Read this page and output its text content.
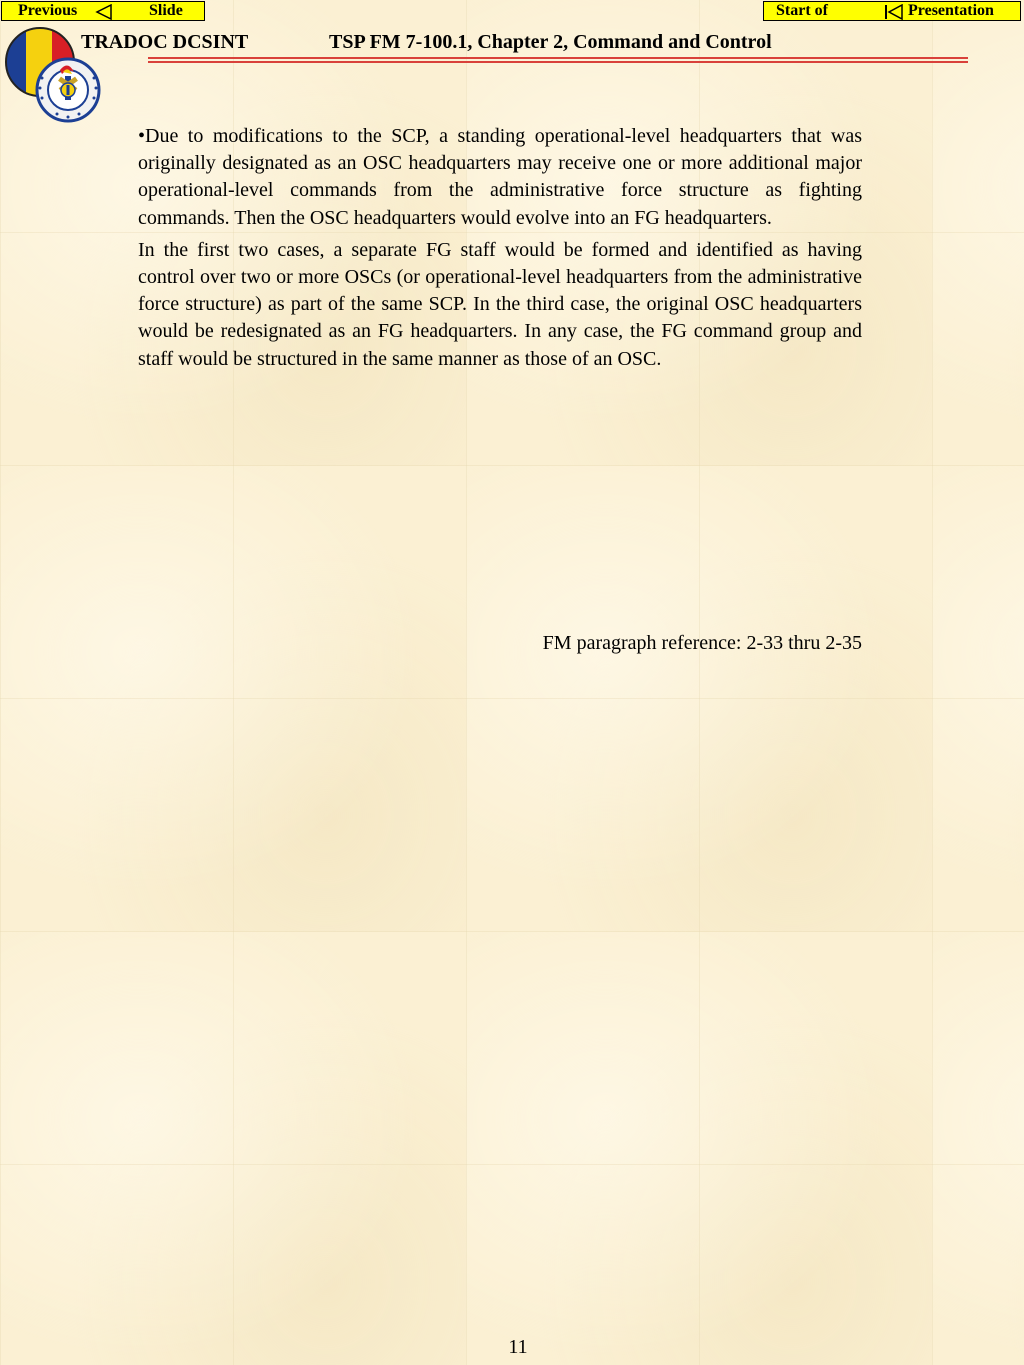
Previous	Slide	Start of	Presentation
TRADOC DCSINT	TSP FM 7-100.1, Chapter 2, Command and Control

•Due to modifications to the SCP, a standing operational-level headquarters that was originally designated as an OSC headquarters may receive one or more additional major operational-level commands from the administrative force structure as fighting commands. Then the OSC headquarters would evolve into an FG headquarters.

In the first two cases, a separate FG staff would be formed and identified as having control over two or more OSCs (or operational-level headquarters from the administrative force structure) as part of the same SCP. In the third case, the original OSC headquarters would be redesignated as an FG headquarters. In any case, the FG command group and staff would be structured in the same manner as those of an OSC.

FM paragraph reference: 2-33 thru 2-35
11
